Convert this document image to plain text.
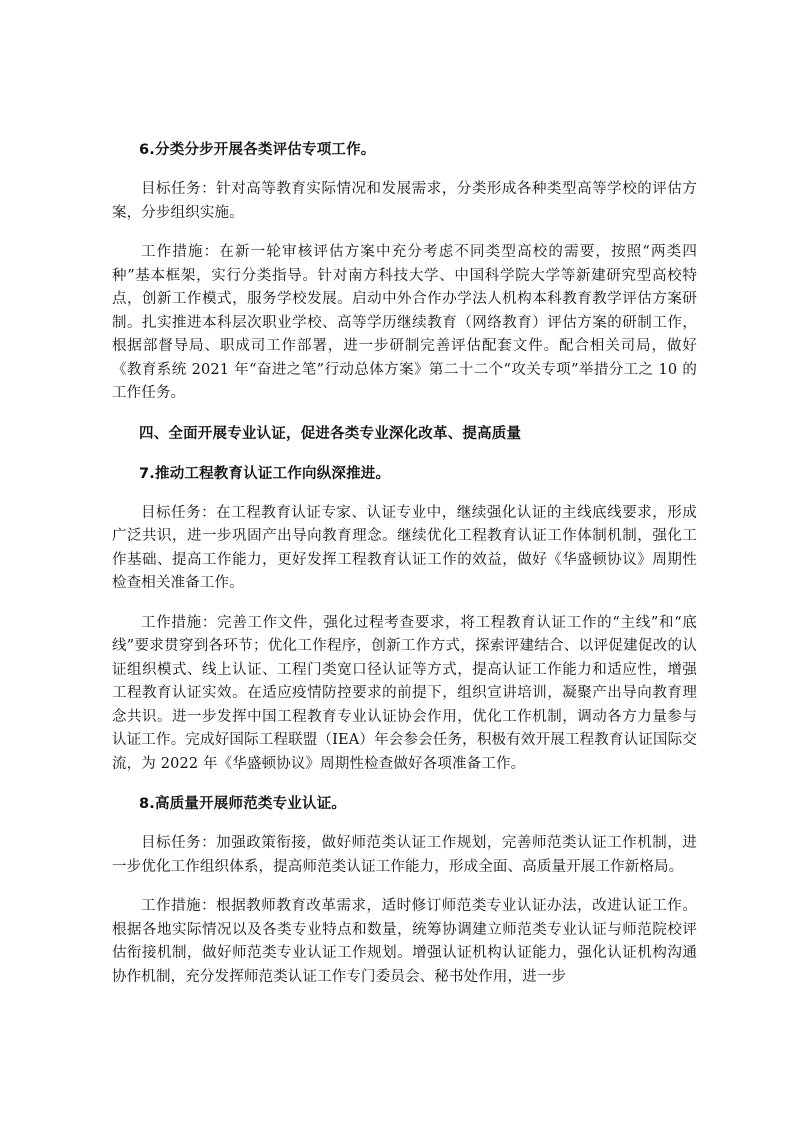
6.分类分步开展各类评估专项工作。
目标任务：针对高等教育实际情况和发展需求，分类形成各种类型高等学校的评估方案，分步组织实施。
工作措施：在新一轮审核评估方案中充分考虑不同类型高校的需要，按照“两类四种”基本框架，实行分类指导。针对南方科技大学、中国科学院大学等新建研究型高校特点，创新工作模式，服务学校发展。启动中外合作办学法人机构本科教育教学评估方案研制。扎实推进本科层次职业学校、高等学历继续教育（网络教育）评估方案的研制工作，根据部督导局、职成司工作部署，进一步研制完善评估配套文件。配合相关司局，做好《教育系统 2021 年“奋进之笔”行动总体方案》第二十二个“攻关专项”举措分工之 10 的工作任务。
四、全面开展专业认证，促进各类专业深化改革、提高质量
7.推动工程教育认证工作向纵深推进。
目标任务：在工程教育认证专家、认证专业中，继续强化认证的主线底线要求，形成广泛共识，进一步巩固产出导向教育理念。继续优化工程教育认证工作体制机制，强化工作基础、提高工作能力，更好发挥工程教育认证工作的效益，做好《华盛顿协议》周期性检查相关准备工作。
工作措施：完善工作文件，强化过程考查要求，将工程教育认证工作的“主线”和“底线”要求贯穿到各环节；优化工作程序，创新工作方式，探索评建结合、以评促建促改的认证组织模式、线上认证、工程门类宽口径认证等方式，提高认证工作能力和适应性，增强工程教育认证实效。在适应疫情防控要求的前提下，组织宣讲培训，凝聚产出导向教育理念共识。进一步发挥中国工程教育专业认证协会作用，优化工作机制，调动各方力量参与认证工作。完成好国际工程联盟（IEA）年会参会任务，积极有效开展工程教育认证国际交流，为 2022 年《华盛顿协议》周期性检查做好各项准备工作。
8.高质量开展师范类专业认证。
目标任务：加强政策衔接，做好师范类认证工作规划，完善师范类认证工作机制，进一步优化工作组织体系，提高师范类认证工作能力，形成全面、高质量开展工作新格局。
工作措施：根据教师教育改革需求，适时修订师范类专业认证办法，改进认证工作。根据各地实际情况以及各类专业特点和数量，统筹协调建立师范类专业认证与师范院校评估衔接机制，做好师范类专业认证工作规划。增强认证机构认证能力，强化认证机构沟通协作机制，充分发挥师范类认证工作专门委员会、秘书处作用，进一步
